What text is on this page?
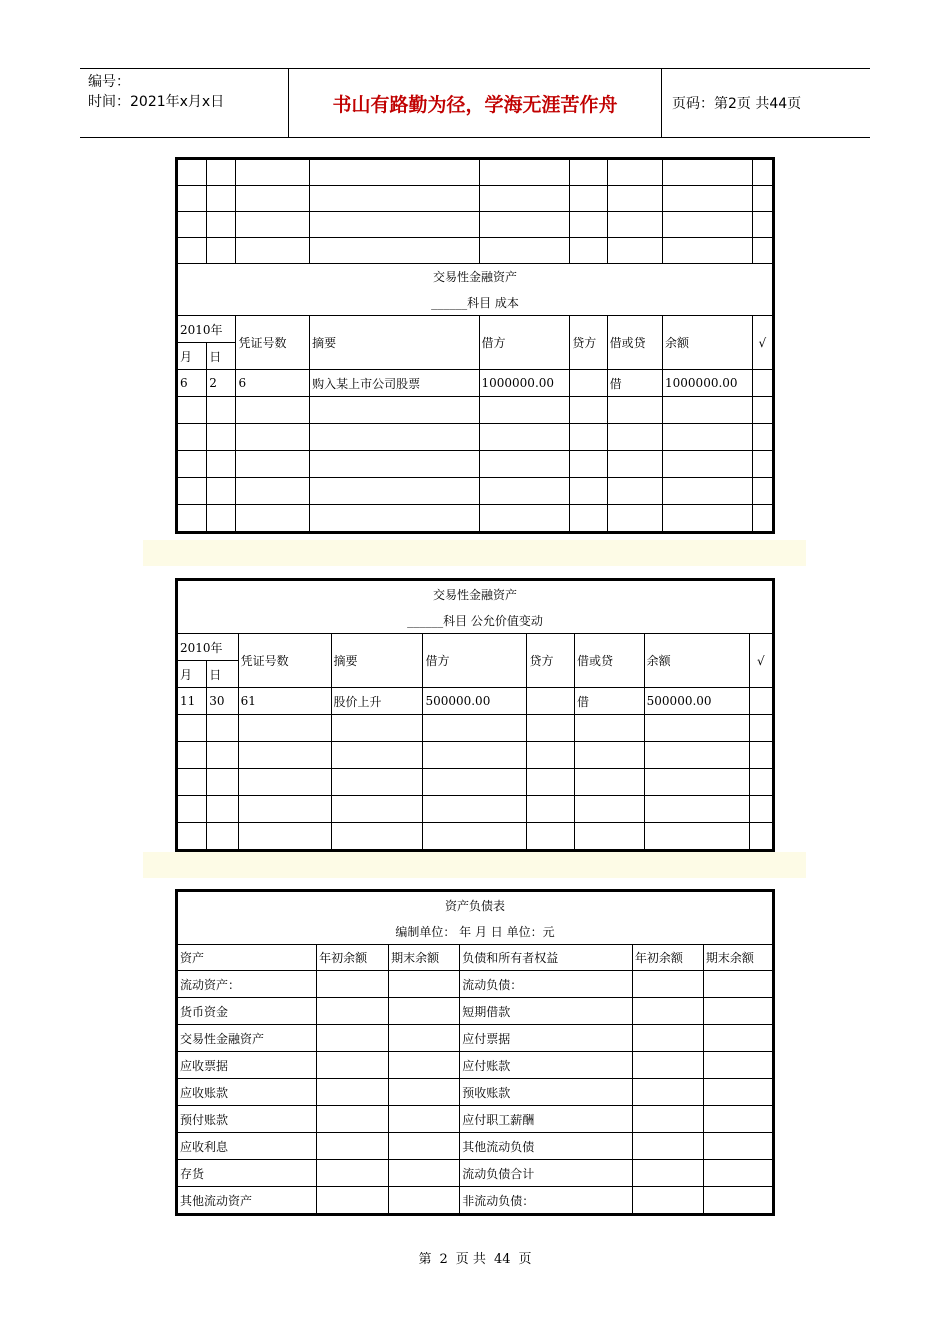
编号：
时间：2021年x月x日	书山有路勤为径，学海无涯苦作舟	页码：第2页 共44页

交易性金融资产
______科目 成本								

2010年		凭证号数	摘要	借方	贷方	借或贷	余额	√
月	日							
6	2	6	购入某上市公司股票	1000000.00		借	1000000.00	

交易性金融资产
______科目 公允价值变动								

2010年		凭证号数	摘要	借方	贷方	借或贷	余额	√
月	日							
11	30	61	股价上升	500000.00		借	500000.00	

资产负债表
编制单位： 年 月 日 单位：元					

资产	年初余额	期末余额	负债和所有者权益	年初余额	期末余额
流动资产：			流动负债：		
货币资金			短期借款		
交易性金融资产			应付票据		
应收票据			应付账款		
应收账款			预收账款		
预付账款			应付职工薪酬		
应收利息			其他流动负债		
存货			流动负债合计		
其他流动资产			非流动负债：		
第 2 页 共 44 页
